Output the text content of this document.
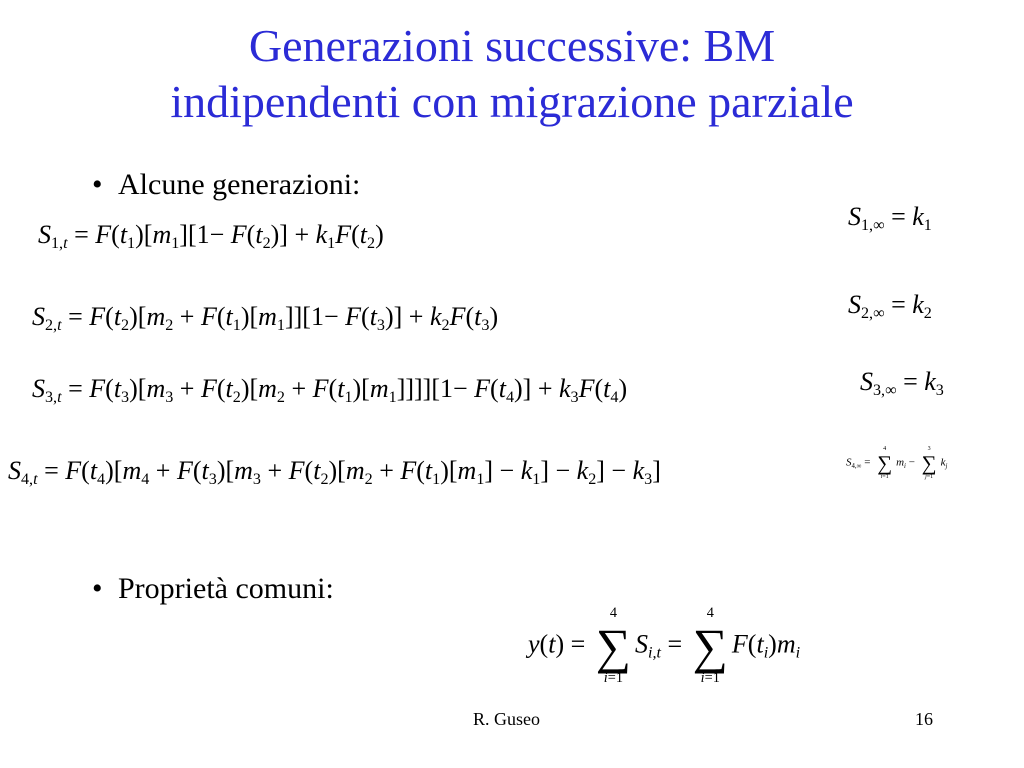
Generazioni successive: BM
indipendenti con migrazione parziale
• Alcune generazioni:
$S_{1,t} = F(t_1)[m_1][1- F(t_2)] + k_1F(t_2)$
$S_{2,t} = F(t_2)[m_2 + F(t_1)[m_1]][1- F(t_3)] + k_2F(t_3)$
$S_{3,t} = F(t_3)[m_3 + F(t_2)[m_2 + F(t_1)[m_1]]]][1- F(t_4)] + k_3F(t_4)$
$S_{4,t} = F(t_4)[m_4 + F(t_3)[m_3 + F(t_2)[m_2 + F(t_1)[m_1] - k_1] - k_2] - k_3]$
$S_{1,\infty} = k_1$
$S_{2,\infty} = k_2$
$S_{3,\infty} = k_3$
$S_{4,\infty}$ =
4
∑
i=1
$m_i$ −
3
∑
j=1
$k_j$
• Proprietà comuni:
y(t) =
4
∑
i=1
$S_{i,t}$ =
4
∑
i=1
$F(t_i)m_i$
R. Guseo	16
